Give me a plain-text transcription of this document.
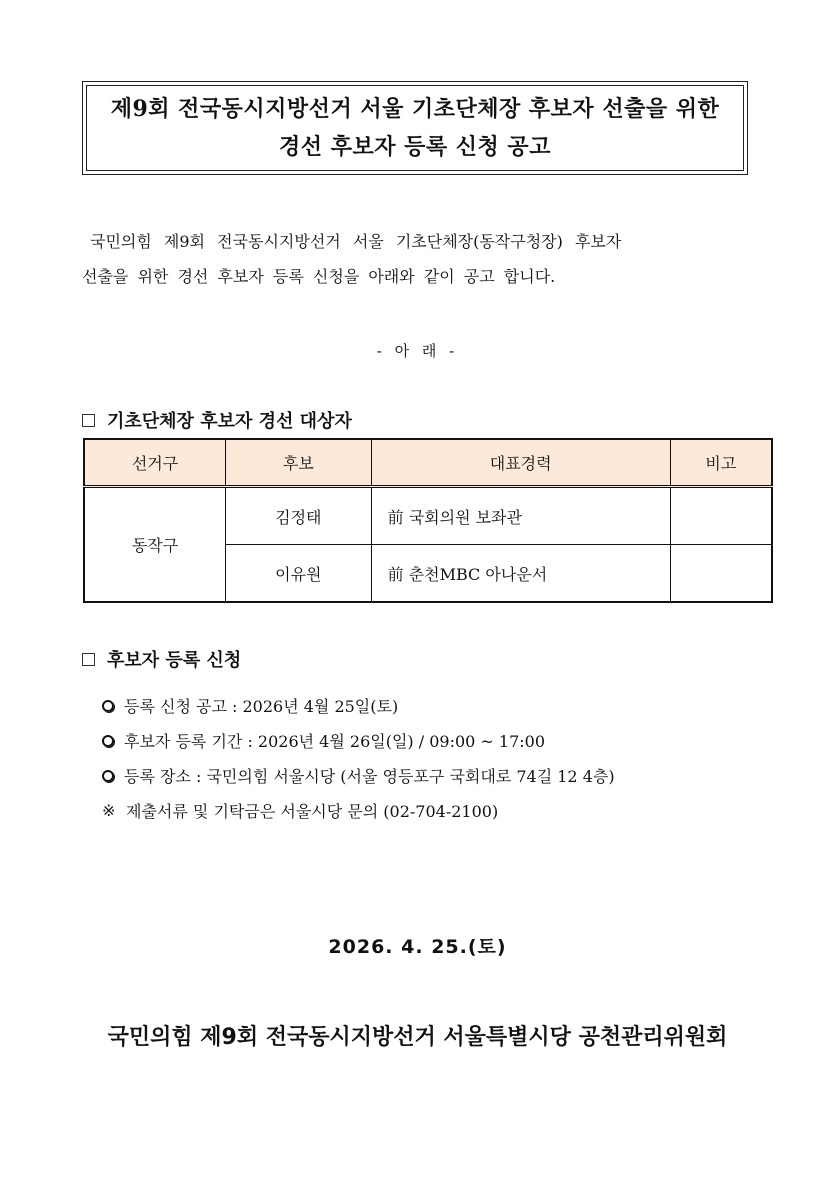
제9회 전국동시지방선거 서울 기초단체장 후보자 선출을 위한
경선 후보자 등록 신청 공고
국민의힘 제9회 전국동시지방선거 서울 기초단체장(동작구청장) 후보자
선출을 위한 경선 후보자 등록 신청을 아래와 같이 공고 합니다.
- 아 래 -
기초단체장 후보자 경선 대상자
선거구	후보	대표경력	비고
동작구	김정태	前 국회의원 보좌관	
	이유원	前 춘천MBC 아나운서	
후보자 등록 신청
등록 신청 공고 : 2026년 4월 25일(토)
후보자 등록 기간 : 2026년 4월 26일(일) / 09:00 ~ 17:00
등록 장소 : 국민의힘 서울시당 (서울 영등포구 국회대로 74길 12 4층)
※ 제출서류 및 기탁금은 서울시당 문의 (02-704-2100)
2026. 4. 25.(토)
국민의힘 제9회 전국동시지방선거 서울특별시당 공천관리위원회
